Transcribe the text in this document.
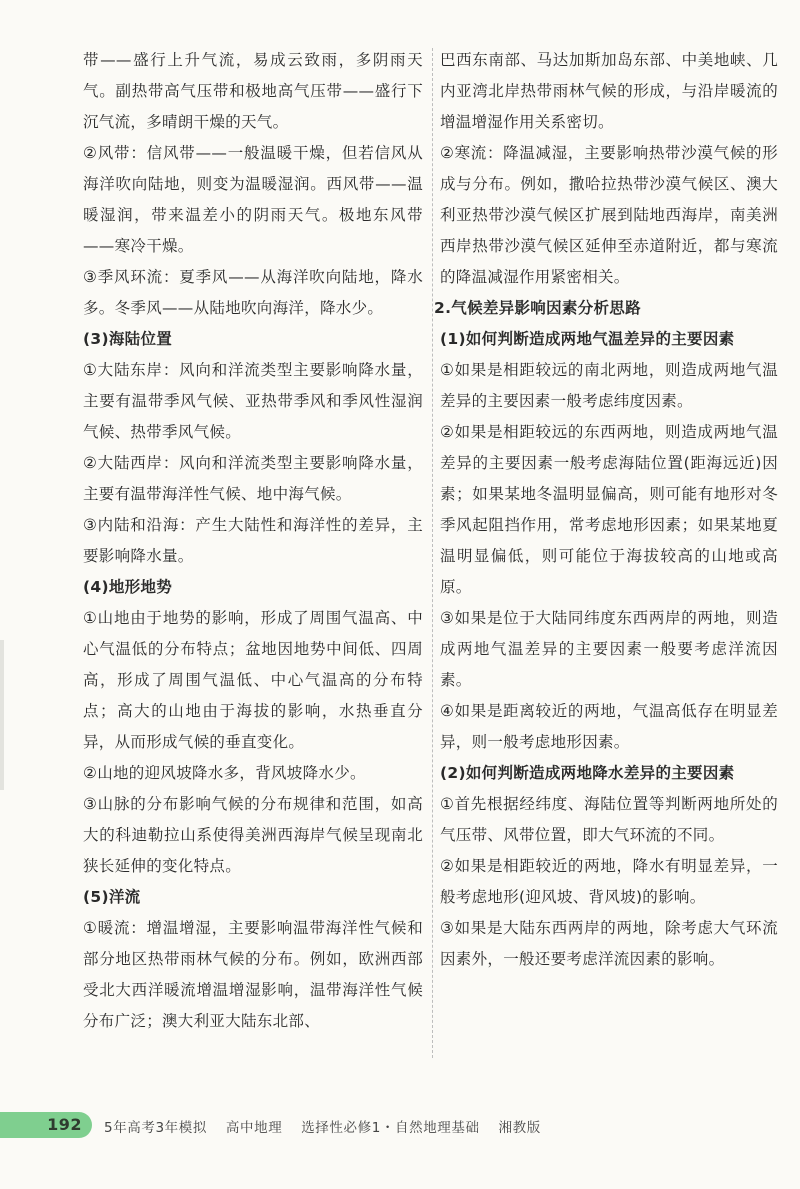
带——盛行上升气流，易成云致雨，多阴雨天气。副热带高气压带和极地高气压带——盛行下沉气流，多晴朗干燥的天气。

②风带：信风带——一般温暖干燥，但若信风从海洋吹向陆地，则变为温暖湿润。西风带——温暖湿润，带来温差小的阴雨天气。极地东风带——寒冷干燥。

③季风环流：夏季风——从海洋吹向陆地，降水多。冬季风——从陆地吹向海洋，降水少。

(3)海陆位置

①大陆东岸：风向和洋流类型主要影响降水量，主要有温带季风气候、亚热带季风和季风性湿润气候、热带季风气候。

②大陆西岸：风向和洋流类型主要影响降水量，主要有温带海洋性气候、地中海气候。

③内陆和沿海：产生大陆性和海洋性的差异，主要影响降水量。

(4)地形地势

①山地由于地势的影响，形成了周围气温高、中心气温低的分布特点；盆地因地势中间低、四周高，形成了周围气温低、中心气温高的分布特点；高大的山地由于海拔的影响，水热垂直分异，从而形成气候的垂直变化。

②山地的迎风坡降水多，背风坡降水少。

③山脉的分布影响气候的分布规律和范围，如高大的科迪勒拉山系使得美洲西海岸气候呈现南北狭长延伸的变化特点。

(5)洋流

①暖流：增温增湿，主要影响温带海洋性气候和部分地区热带雨林气候的分布。例如，欧洲西部受北大西洋暖流增温增湿影响，温带海洋性气候分布广泛；澳大利亚大陆东北部、

巴西东南部、马达加斯加岛东部、中美地峡、几内亚湾北岸热带雨林气候的形成，与沿岸暖流的增温增湿作用关系密切。

②寒流：降温减湿，主要影响热带沙漠气候的形成与分布。例如，撒哈拉热带沙漠气候区、澳大利亚热带沙漠气候区扩展到陆地西海岸，南美洲西岸热带沙漠气候区延伸至赤道附近，都与寒流的降温减湿作用紧密相关。

2.气候差异影响因素分析思路

(1)如何判断造成两地气温差异的主要因素

①如果是相距较远的南北两地，则造成两地气温差异的主要因素一般考虑纬度因素。

②如果是相距较远的东西两地，则造成两地气温差异的主要因素一般考虑海陆位置(距海远近)因素；如果某地冬温明显偏高，则可能有地形对冬季风起阻挡作用，常考虑地形因素；如果某地夏温明显偏低，则可能位于海拔较高的山地或高原。

③如果是位于大陆同纬度东西两岸的两地，则造成两地气温差异的主要因素一般要考虑洋流因素。

④如果是距离较近的两地，气温高低存在明显差异，则一般考虑地形因素。

(2)如何判断造成两地降水差异的主要因素

①首先根据经纬度、海陆位置等判断两地所处的气压带、风带位置，即大气环流的不同。

②如果是相距较近的两地，降水有明显差异，一般考虑地形(迎风坡、背风坡)的影响。

③如果是大陆东西两岸的两地，除考虑大气环流因素外，一般还要考虑洋流因素的影响。

192 5年高考3年模拟 高中地理 选择性必修1・自然地理基础 湘教版
